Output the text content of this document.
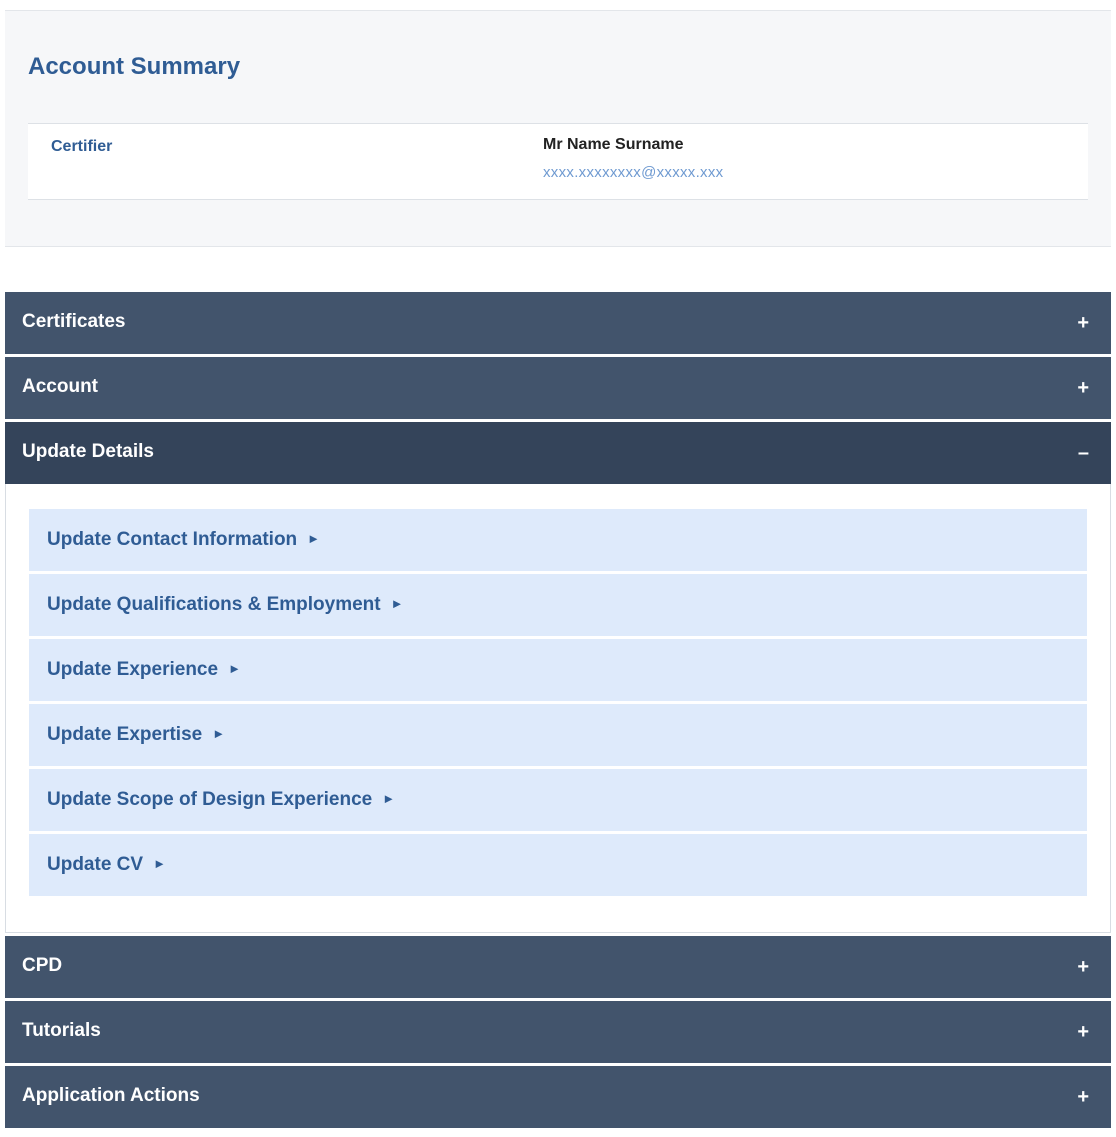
Account Summary
Certifier	Mr Name Surname
xxxx.xxxxxxxx@xxxxx.xxx
Certificates	+
Account	+
Update Details	–
Update Contact Information ►
Update Qualifications & Employment ►
Update Experience ►
Update Expertise ►
Update Scope of Design Experience ►
Update CV ►
CPD	+
Tutorials	+
Application Actions	+
